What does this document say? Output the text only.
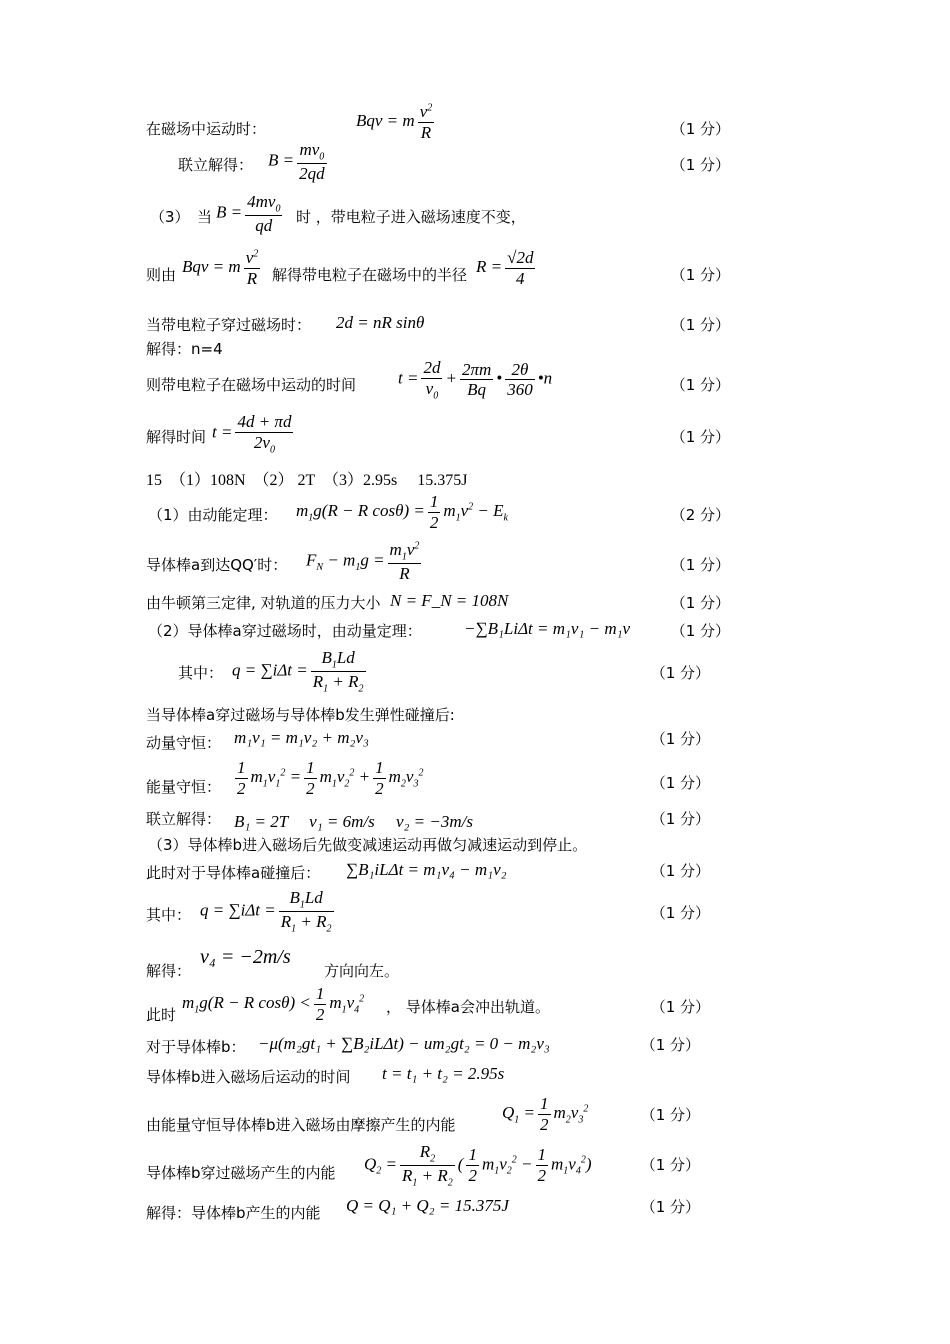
在磁场中运动时：	Bqv = m $\frac{v^2}{R}$	（1 分）
联立解得： $B = \frac{mv_0}{2qd}$	（1 分）
（3）　当 $B = \frac{4mv_0}{qd}$ 时 ，带电粒子进入磁场速度不变，
则由 Bqv = m $\frac{v^2}{R}$ 解得带电粒子在磁场中的半径 $R = \frac{√2d}{4}$	（1 分）
当带电粒子穿过磁场时： 2d = nR sinθ	（1 分）
解得：n=4
则带电粒子在磁场中运动的时间 $t = \frac{2d}{v_0} + \frac{2\pi m}{Bq}$ • $\frac{2\theta}{360}$ •n	（1 分）
解得时间 $t = \frac{4d + \pi d}{2v_0}$	（1 分）
15　（1）108N　（2） 2T　（3）2.95s　 15.375J
（1）由动能定理： $m_1g(R - R$ $\cos\theta) = \frac{1}{2} m_1v^2 - E_k$	（2 分）
导体棒a到达QQ′时： $F_N - m_1g = \frac{m_1v^2}{R}$	（1 分）
由牛顿第三定律, 对轨道的压力大小 N = F_N = 108N	（1 分）
（2）导体棒a穿过磁场时，由动量定理： −∑B₁LiΔt = m₁v₁ − m₁v	（1 分）
其中： $q = \sum i\Delta t = \frac{B_1Ld}{R_1 + R_2}$	（1 分）
当导体棒a穿过磁场与导体棒b发生弹性碰撞后:
动量守恒： m₁v₁ = m₁v₂ + m₂v₃	（1 分）
能量守恒： $\frac{1}{2} m_1v_1^2 = \frac{1}{2} m_1v_2^2 + \frac{1}{2} m_2v_3^2$
（1 分）
联立解得： B₁ = 2T　 v₁ = 6m/s　 v₂ = −3m/s	（1 分）
（3）导体棒b进入磁场后先做变减速运动再做匀减速运动到停止。
此时对于导体棒a碰撞后： ∑B₁iLΔt = m₁v₄ − m₁v₂	（1 分）
其中： $q = \sum i\Delta t = \frac{B_1Ld}{R_1 + R_2}$	（1 分）
解得：
v₄ = −2m/s
方向向左。
此时
$m_1g(R - R$ $\cos\theta) < \frac{1}{2} m_1v_4^2$ ， 导体棒a会冲出轨道。	（1 分）
对于导体棒b： −μ(m₂gt₁ + ∑B₂iLΔt) − um₂gt₂ = 0 − m₂v₃	（1 分）
导体棒b进入磁场后运动的时间 t = t₁ + t₂ = 2.95s
由能量守恒导体棒b进入磁场由摩擦产生的内能
$Q_1 = \frac{1}{2} m_2v_3^2$	（1 分）
导体棒b穿过磁场产生的内能 $Q_2 = \frac{R_2}{R_1 + R_2}$ ( $\frac{1}{2} m_1v_2^2 - \frac{1}{2} m_1v_4^2$)	（1 分）
解得：导体棒b产生的内能 Q = Q₁ + Q₂ = 15.375J	（1 分）
